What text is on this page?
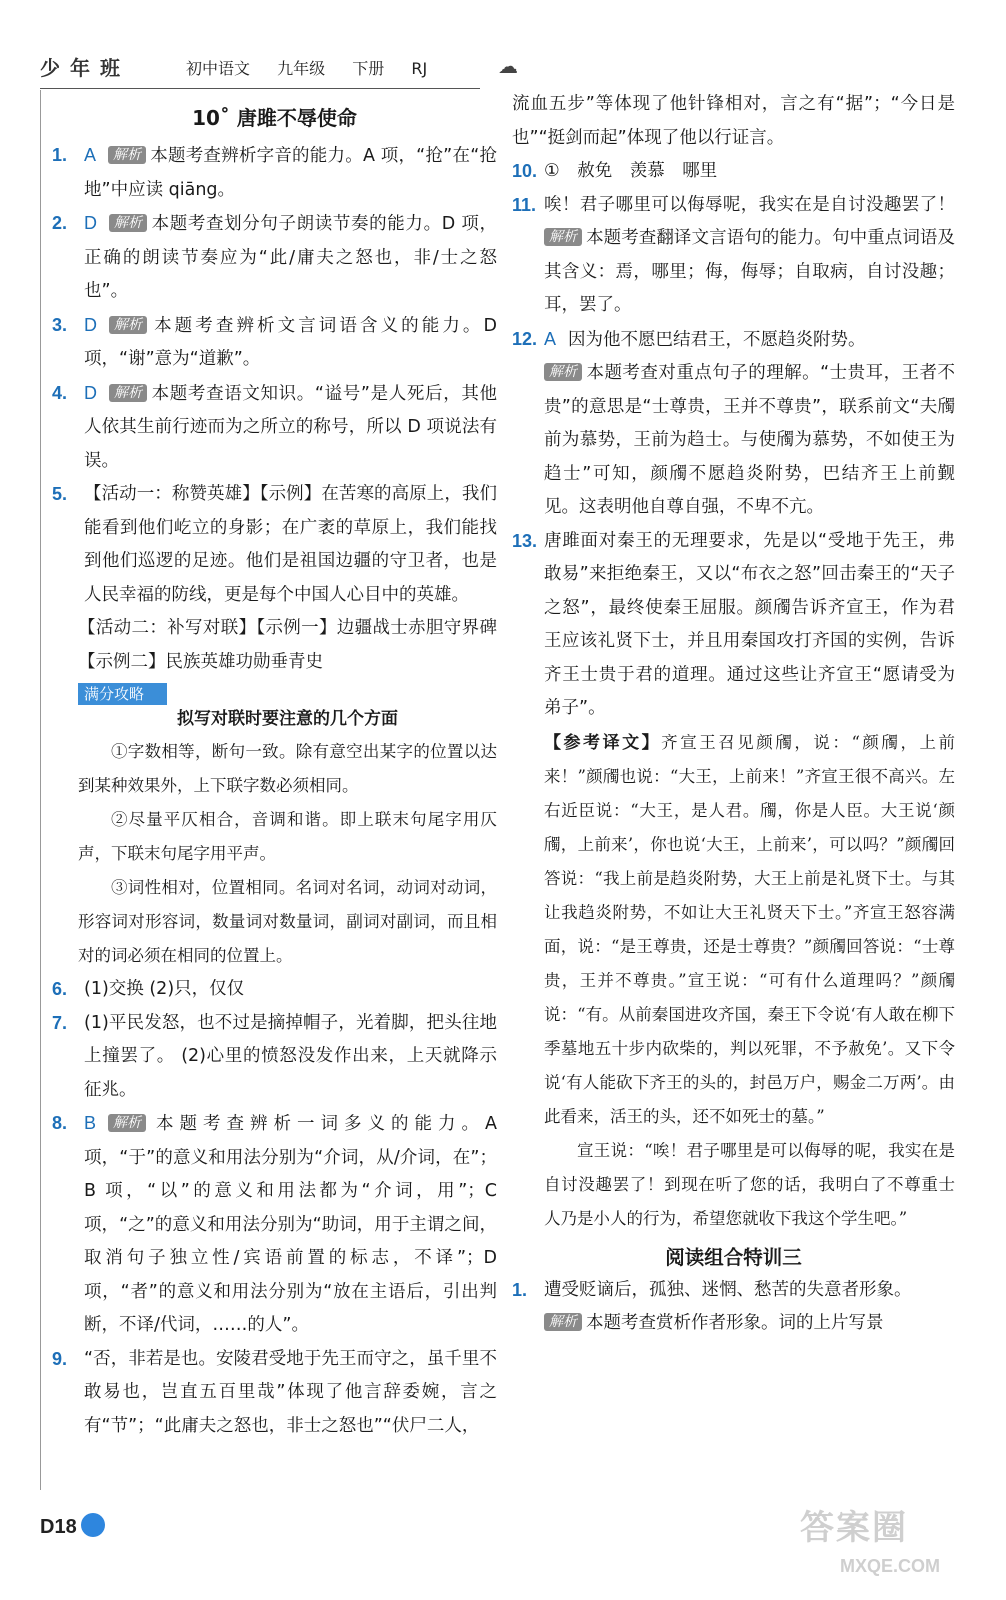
少年班	初中语文 九年级 下册 RJ	☁
10˚ 唐雎不辱使命

1. A 解析 本题考查辨析字音的能力。A 项，“抢”在“抢地”中应读 qiāng。

2. D 解析 本题考查划分句子朗读节奏的能力。D 项，正确的朗读节奏应为“此/庸夫之怒也，非/士之怒也”。

3. D 解析 本题考查辨析文言词语含义的能力。D 项，“谢”意为“道歉”。

4. D 解析 本题考查语文知识。“谥号”是人死后，其他人依其生前行迹而为之所立的称号，所以 D 项说法有误。

5. 【活动一：称赞英雄】【示例】在苦寒的高原上，我们能看到他们屹立的身影；在广袤的草原上，我们能找到他们巡逻的足迹。他们是祖国边疆的守卫者，也是人民幸福的防线，更是每个中国人心目中的英雄。

【活动二：补写对联】【示例一】边疆战士赤胆守界碑 【示例二】民族英雄功勋垂青史

满分攻略 »
拟写对联时要注意的几个方面

①字数相等，断句一致。除有意空出某字的位置以达到某种效果外，上下联字数必须相同。

②尽量平仄相合，音调和谐。即上联末句尾字用仄声，下联末句尾字用平声。

③词性相对，位置相同。名词对名词，动词对动词，形容词对形容词，数量词对数量词，副词对副词，而且相对的词必须在相同的位置上。

6. (1)交换 (2)只，仅仅

7. (1)平民发怒，也不过是摘掉帽子，光着脚，把头往地上撞罢了。 (2)心里的愤怒没发作出来，上天就降示征兆。

8. B 解析 本题考查辨析一词多义的能力。A 项，“于”的意义和用法分别为“介词，从/介词，在”；B 项，“以”的意义和用法都为“介词，用”；C 项，“之”的意义和用法分别为“助词，用于主谓之间，取消句子独立性/宾语前置的标志，不译”；D 项，“者”的意义和用法分别为“放在主语后，引出判断，不译/代词，……的人”。

9. “否，非若是也。安陵君受地于先王而守之，虽千里不敢易也，岂直五百里哉”体现了他言辞委婉，言之有“节”；“此庸夫之怒也，非士之怒也”“伏尸二人，

流血五步”等体现了他针锋相对，言之有“据”；“今日是也”“挺剑而起”体现了他以行证言。

10. ①　赦免　羡慕　哪里

11. 唉！君子哪里可以侮辱呢，我实在是自讨没趣罢了！ 解析 本题考查翻译文言语句的能力。句中重点词语及其含义：焉，哪里；侮，侮辱；自取病，自讨没趣；耳，罢了。

12. A 因为他不愿巴结君王，不愿趋炎附势。
解析 本题考查对重点句子的理解。“士贵耳，王者不贵”的意思是“士尊贵，王并不尊贵”，联系前文“夫斶前为慕势，王前为趋士。与使斶为慕势，不如使王为趋士”可知，颜斶不愿趋炎附势，巴结齐王上前觐见。这表明他自尊自强，不卑不亢。

13. 唐雎面对秦王的无理要求，先是以“受地于先王，弗敢易”来拒绝秦王，又以“布衣之怒”回击秦王的“天子之怒”，最终使秦王屈服。颜斶告诉齐宣王，作为君王应该礼贤下士，并且用秦国攻打齐国的实例，告诉齐王士贵于君的道理。通过这些让齐宣王“愿请受为弟子”。

【参考译文】齐宣王召见颜斶，说：“颜斶，上前来！”颜斶也说：“大王，上前来！”齐宣王很不高兴。左右近臣说：“大王，是人君。斶，你是人臣。大王说‘颜斶，上前来’，你也说‘大王，上前来’，可以吗？”颜斶回答说：“我上前是趋炎附势，大王上前是礼贤下士。与其让我趋炎附势，不如让大王礼贤天下士。”齐宣王怒容满面，说：“是王尊贵，还是士尊贵？”颜斶回答说：“士尊贵，王并不尊贵。”宣王说：“可有什么道理吗？”颜斶说：“有。从前秦国进攻齐国，秦王下令说‘有人敢在柳下季墓地五十步内砍柴的，判以死罪，不予赦免’。又下令说‘有人能砍下齐王的头的，封邑万户，赐金二万两’。由此看来，活王的头，还不如死士的墓。”

宣王说：“唉！君子哪里是可以侮辱的呢，我实在是自讨没趣罢了！到现在听了您的话，我明白了不尊重士人乃是小人的行为，希望您就收下我这个学生吧。”

阅读组合特训三

1. 遭受贬谪后，孤独、迷惘、愁苦的失意者形象。
解析 本题考查赏析作者形象。词的上片写景

D18	答案圈
MXQE.COM
